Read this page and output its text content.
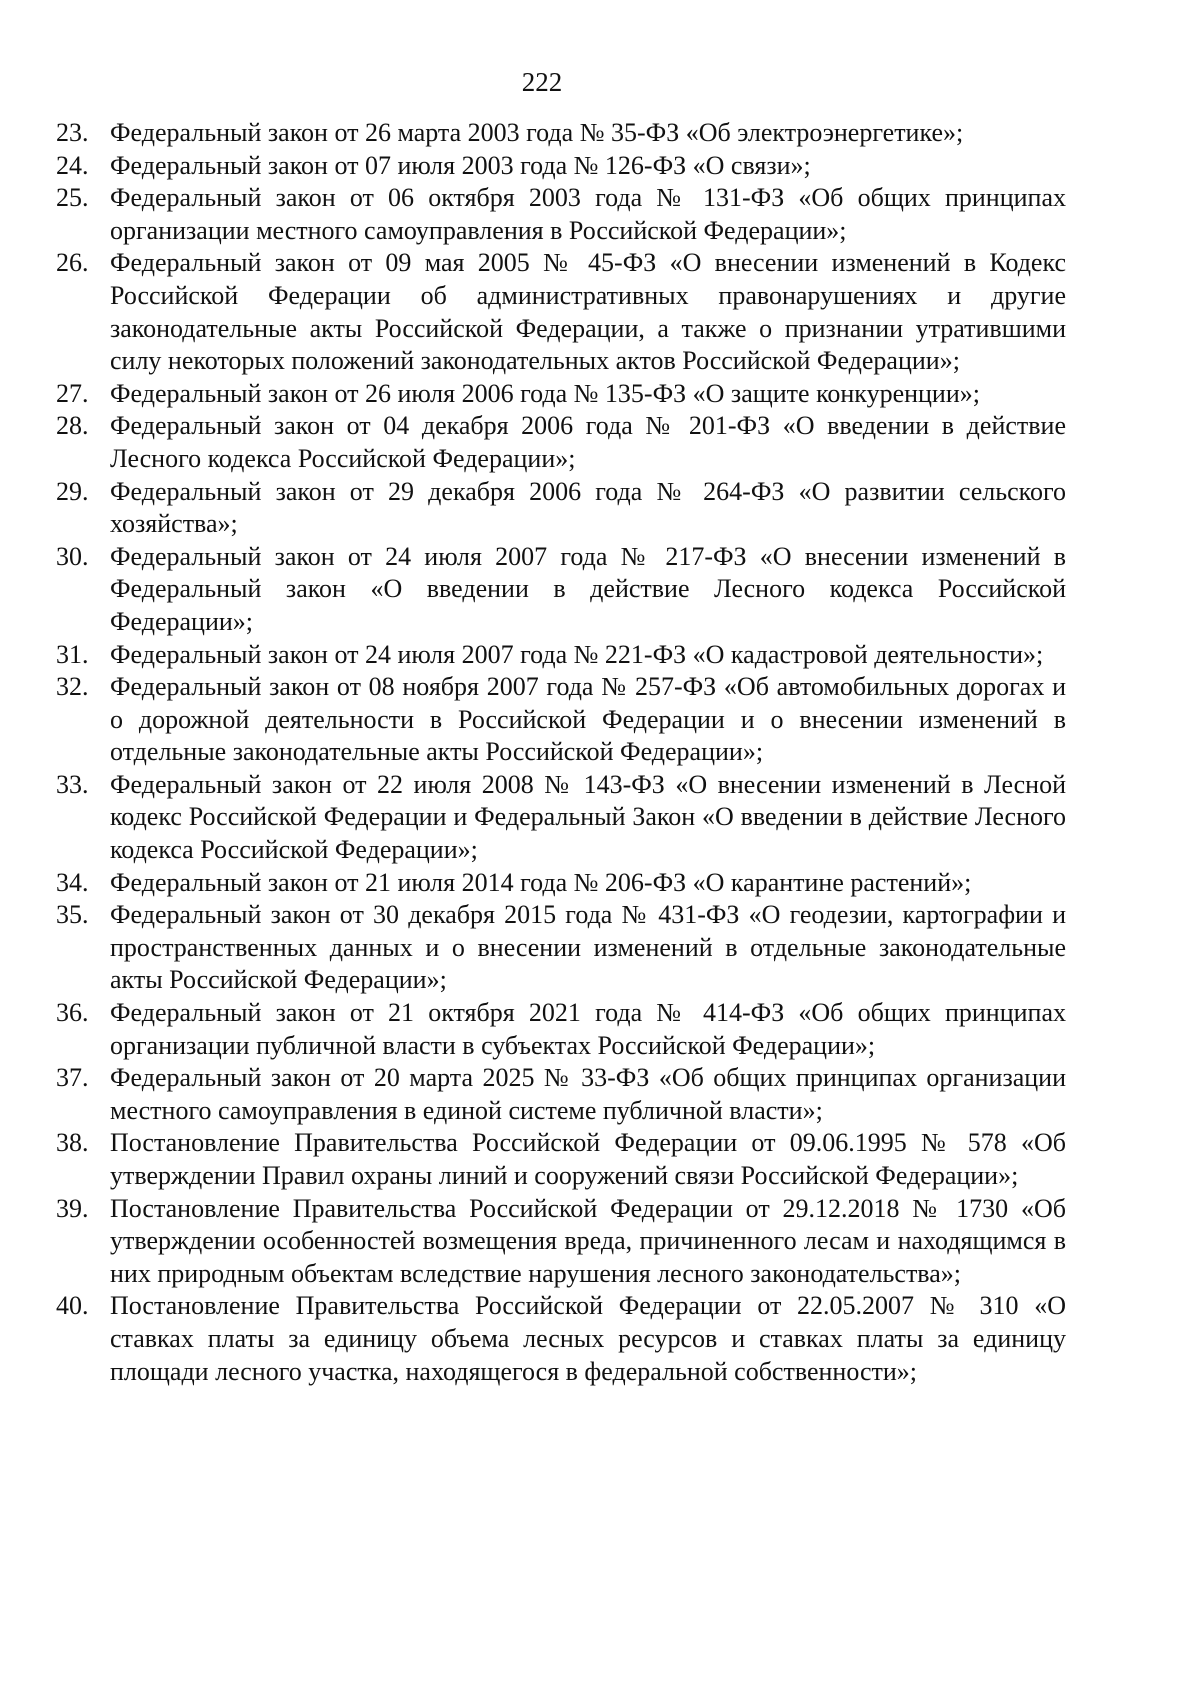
222
23. Федеральный закон от 26 марта 2003 года № 35-ФЗ «Об электроэнергетике»;
24. Федеральный закон от 07 июля 2003 года № 126-ФЗ «О связи»;
25. Федеральный закон от 06 октября 2003 года № 131-ФЗ «Об общих принципах организации местного самоуправления в Российской Федерации»;
26. Федеральный закон от 09 мая 2005 № 45-ФЗ «О внесении изменений в Кодекс Российской Федерации об административных правонарушениях и другие законодательные акты Российской Федерации, а также о признании утратившими силу некоторых положений законодательных актов Российской Федерации»;
27. Федеральный закон от 26 июля 2006 года № 135-ФЗ «О защите конкуренции»;
28. Федеральный закон от 04 декабря 2006 года № 201-ФЗ «О введении в действие Лесного кодекса Российской Федерации»;
29. Федеральный закон от 29 декабря 2006 года № 264-ФЗ «О развитии сельского хозяйства»;
30. Федеральный закон от 24 июля 2007 года № 217-ФЗ «О внесении изменений в Федеральный закон «О введении в действие Лесного кодекса Российской Федерации»;
31. Федеральный закон от 24 июля 2007 года № 221-ФЗ «О кадастровой деятельности»;
32. Федеральный закон от 08 ноября 2007 года № 257-ФЗ «Об автомобильных дорогах и о дорожной деятельности в Российской Федерации и о внесении изменений в отдельные законодательные акты Российской Федерации»;
33. Федеральный закон от 22 июля 2008 № 143-ФЗ «О внесении изменений в Лесной кодекс Российской Федерации и Федеральный Закон «О введении в действие Лесного кодекса Российской Федерации»;
34. Федеральный закон от 21 июля 2014 года № 206-ФЗ «О карантине растений»;
35. Федеральный закон от 30 декабря 2015 года № 431-ФЗ «О геодезии, картографии и пространственных данных и о внесении изменений в отдельные законодательные акты Российской Федерации»;
36. Федеральный закон от 21 октября 2021 года № 414-ФЗ «Об общих принципах организации публичной власти в субъектах Российской Федерации»;
37. Федеральный закон от 20 марта 2025 № 33-ФЗ «Об общих принципах организации местного самоуправления в единой системе публичной власти»;
38. Постановление Правительства Российской Федерации от 09.06.1995 № 578 «Об утверждении Правил охраны линий и сооружений связи Российской Федерации»;
39. Постановление Правительства Российской Федерации от 29.12.2018 № 1730 «Об утверждении особенностей возмещения вреда, причиненного лесам и находящимся в них природным объектам вследствие нарушения лесного законодательства»;
40. Постановление Правительства Российской Федерации от 22.05.2007 № 310 «О ставках платы за единицу объема лесных ресурсов и ставках платы за единицу площади лесного участка, находящегося в федеральной собственности»;
